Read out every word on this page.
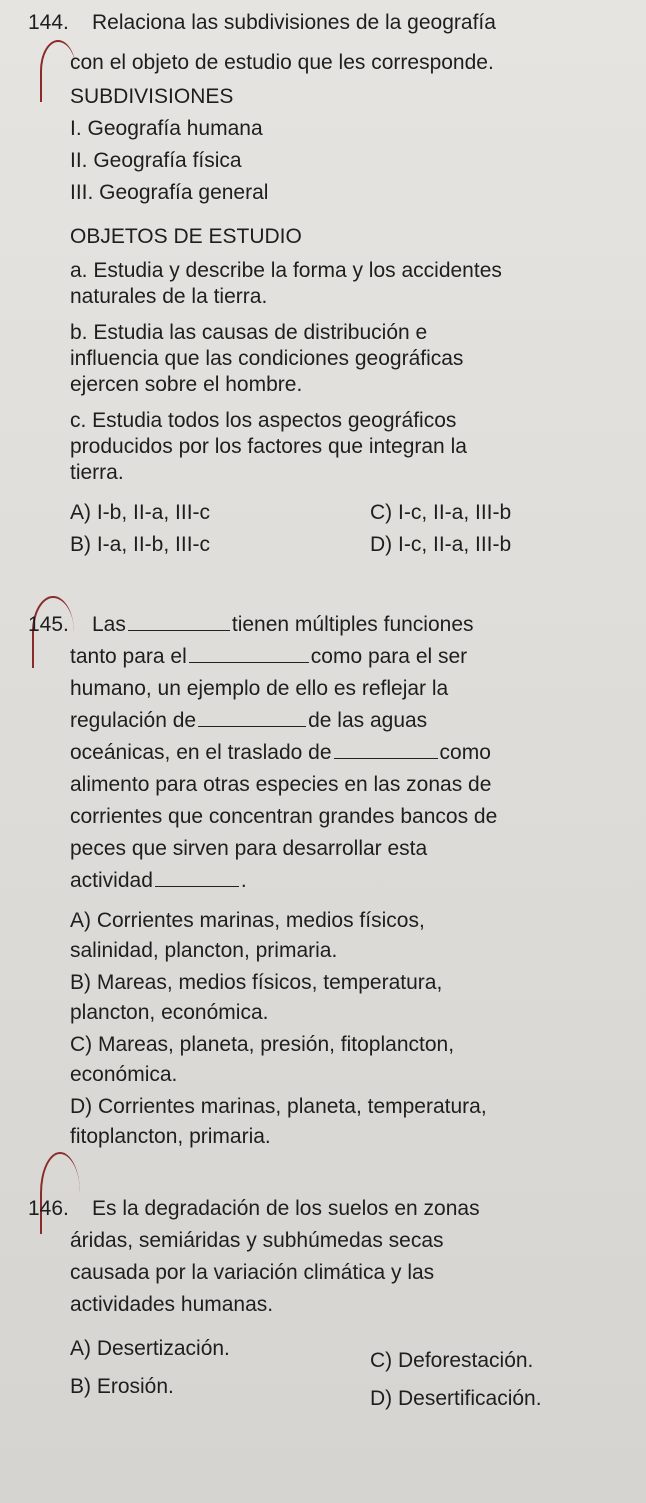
144. Relaciona las subdivisiones de la geografía
con el objeto de estudio que les corresponde.
SUBDIVISIONES
I. Geografía humana
II. Geografía física
III. Geografía general
OBJETOS DE ESTUDIO
a. Estudia y describe la forma y los accidentes
naturales de la tierra.
b. Estudia las causas de distribución e
influencia que las condiciones geográficas
ejercen sobre el hombre.
c. Estudia todos los aspectos geográficos
producidos por los factores que integran la
tierra.
A) I-b, II-a, III-c	C) I-c, II-a, III-b
B) I-a, II-b, III-c	D) I-c, II-a, III-b
145. Las	tienen múltiples funciones
tanto para el	como para el ser
humano, un ejemplo de ello es reflejar la
regulación de	de las aguas
oceánicas, en el traslado de	como
alimento para otras especies en las zonas de
corrientes que concentran grandes bancos de
peces que sirven para desarrollar esta
actividad	.
A) Corrientes marinas, medios físicos,
salinidad, plancton, primaria.
B) Mareas, medios físicos, temperatura,
plancton, económica.
C) Mareas, planeta, presión, fitoplancton,
económica.
D) Corrientes marinas, planeta, temperatura,
fitoplancton, primaria.
146. Es la degradación de los suelos en zonas
áridas, semiáridas y subhúmedas secas
causada por la variación climática y las
actividades humanas.
A) Desertización.
C) Deforestación.
B) Erosión.
D) Desertificación.
